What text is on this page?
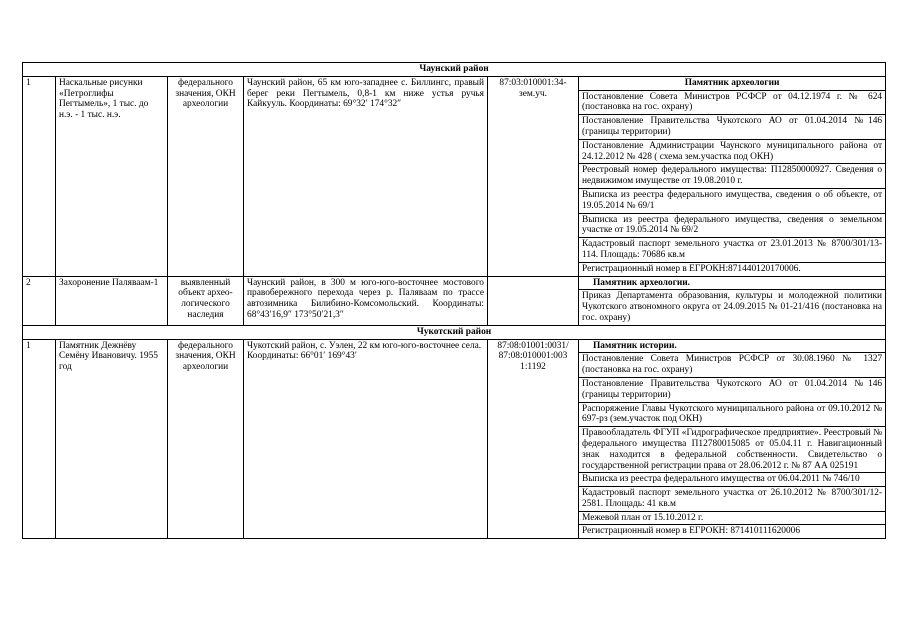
Чаунский район
1	Наскальные рисунки «Петроглифы Пегтымель», 1 тыс. до н.э. - 1 тыс. н.э.	федерального значения, ОКН археологии	Чаунский район, 65 км юго-западнее с. Биллингс, правый берег реки Пегтымель, 0,8-1 км ниже устья ручья Кайкууль. Координаты: 69°32′ 174°32″	87:03:010001:34-зем.уч.	
Памятник археологии
Постановление Совета Министров РСФСР от 04.12.1974 г. № 624 (постановка на гос. охрану)
Постановление Правительства Чукотского АО от 01.04.2014 №146 (границы территории)
Постановление Администрации Чаунского муниципального района от 24.12.2012 № 428 ( схема зем.участка под ОКН)
Реестровый номер федерального имущества: П12850000927. Сведения о недвижимом имуществе от 19.08.2010 г.
Выписка из реестра федерального имущества, сведения о об объекте, от 19.05.2014 № 69/1
Выписка из реестра федерального имущества, сведения о земельном участке от 19.05.2014 № 69/2
Кадастровый паспорт земельного участка от 23.01.2013 № 8700/301/13-114. Площадь: 70686 кв.м
Регистрационный номер в ЕГРОКН:871440120170006.

2	Захоронение Паляваам-1	выявленный объект архео-логического наследия	Чаунский район, в 300 м юго-юго-восточнее мостового правобережного перехода через р. Паляваам по трассе автозимника Билибино-Комсомольский. Координаты: 68°43′16,9″ 173°50′21,3″		
Памятник археологии.
Приказ Департамента образования, культуры и молодежной политики Чукотского атвономного округа от 24.09.2015 № 01-21/416 (постановка на гос. охрану)

Чукотский район
1	Памятник Дежнёву Семёну Ивановичу. 1955 год	федерального значения, ОКН археологии	Чукотский район, с. Уэлен, 22 км юго-юго-восточнее села. Координаты: 66°01′ 169°43′	87:08:01001:0031/ 87:08:010001:003 1:1192	
Памятник истории.
Постановление Совета Министров РСФСР от 30.08.1960 № 1327 (постановка на гос. охрану)
Постановление Правительства Чукотского АО от 01.04.2014 №146 (границы территории)
Распоряжение Главы Чукотского муниципального района от 09.10.2012 № 697-рз (зем.участок под ОКН)
Правообладатель ФГУП «Гидрографическое предприятие». Реестровый № федерального имущества П12780015085 от 05.04.11 г. Навигационный знак находится в федеральной собственности. Свидетельство о государственной регистрации права от 28.06.2012 г. № 87 АА 025191
Выписка из реестра федерального имущества от 06.04.2011 № 746/10
Кадастровый паспорт земельного участка от 26.10.2012 № 8700/301/12-2581. Площадь: 41 кв.м
Межевой план от 15.10.2012 г.
Регистрационный номер в ЕГРОКН: 871410111620006
